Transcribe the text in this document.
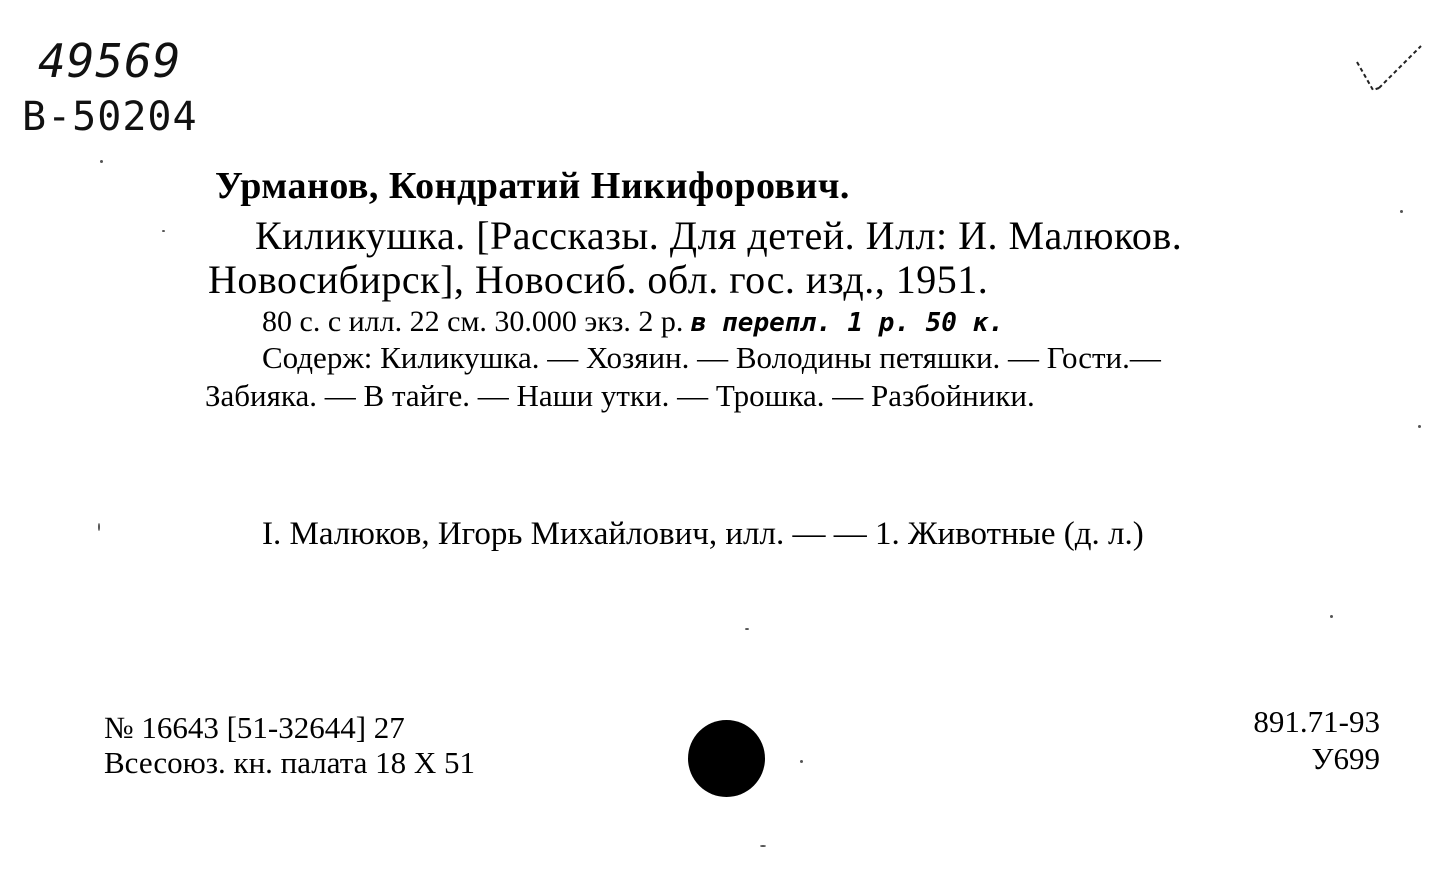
49569
В-50204
Урманов, Кондратий Никифорович.
Киликушка. [Рассказы. Для детей. Илл: И. Малюков.
Новосибирск], Новосиб. обл. гос. изд., 1951.
80 с. с илл. 22 см. 30.000 экз. 2 р. в перепл. 1 р. 50 к.
Содерж: Киликушка. — Хозяин. — Володины петяшки. — Гости.—
Забияка. — В тайге. — Наши утки. — Трошка. — Разбойники.
I. Малюков, Игорь Михайлович, илл. — — 1. Животные (д. л.)
№ 16643 [51-32644] 27
Всесоюз. кн. палата 18 X 51
891.71-93
У699
